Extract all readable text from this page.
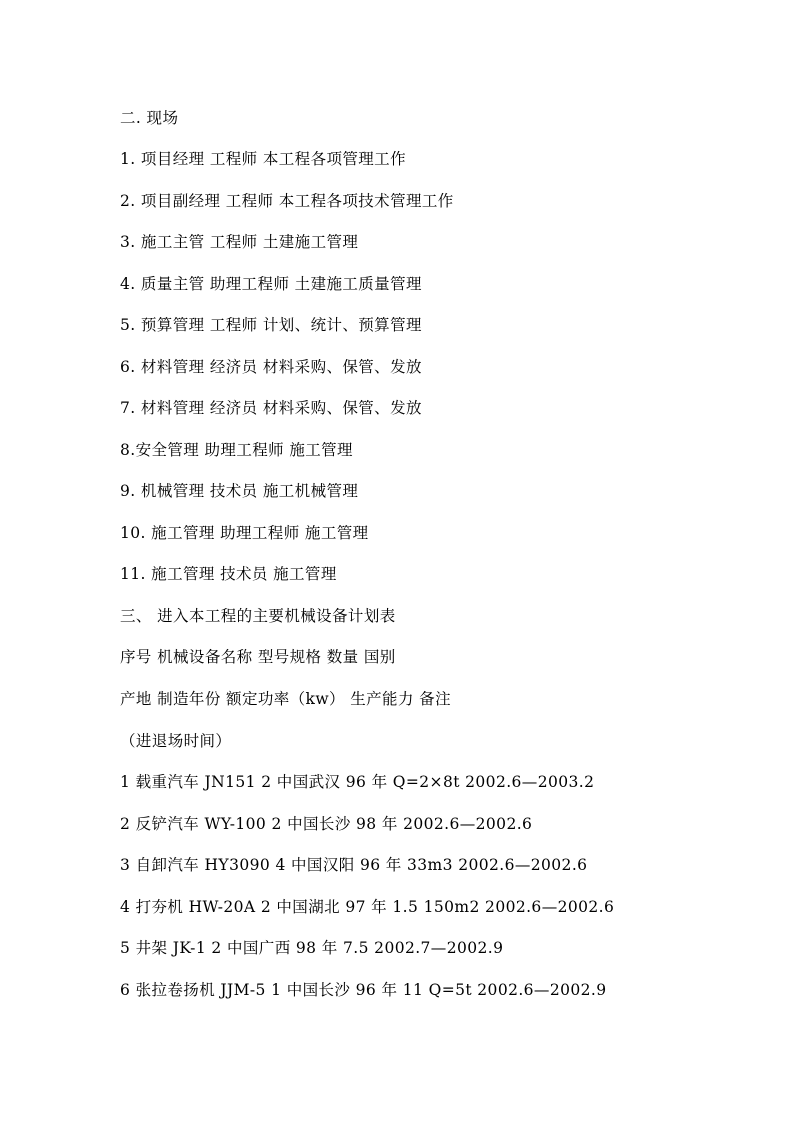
二. 现场
1. 项目经理 工程师 本工程各项管理工作
2. 项目副经理 工程师 本工程各项技术管理工作
3. 施工主管 工程师 土建施工管理
4. 质量主管 助理工程师 土建施工质量管理
5. 预算管理 工程师 计划、统计、预算管理
6. 材料管理 经济员 材料采购、保管、发放
7. 材料管理 经济员 材料采购、保管、发放
8.安全管理 助理工程师 施工管理
9. 机械管理 技术员 施工机械管理
10. 施工管理 助理工程师 施工管理
11. 施工管理 技术员 施工管理
三、 进入本工程的主要机械设备计划表
序号 机械设备名称 型号规格 数量 国别
产地 制造年份 额定功率（kw） 生产能力 备注
（进退场时间）
1 载重汽车 JN151 2 中国武汉 96 年 Q=2×8t 2002.6—2003.2
2 反铲汽车 WY-100 2 中国长沙 98 年 2002.6—2002.6
3 自卸汽车 HY3090 4 中国汉阳 96 年 33m3 2002.6—2002.6
4 打夯机 HW-20A 2 中国湖北 97 年 1.5 150m2 2002.6—2002.6
5 井架 JK-1 2 中国广西 98 年 7.5 2002.7—2002.9
6 张拉卷扬机 JJM-5 1 中国长沙 96 年 11 Q=5t 2002.6—2002.9
